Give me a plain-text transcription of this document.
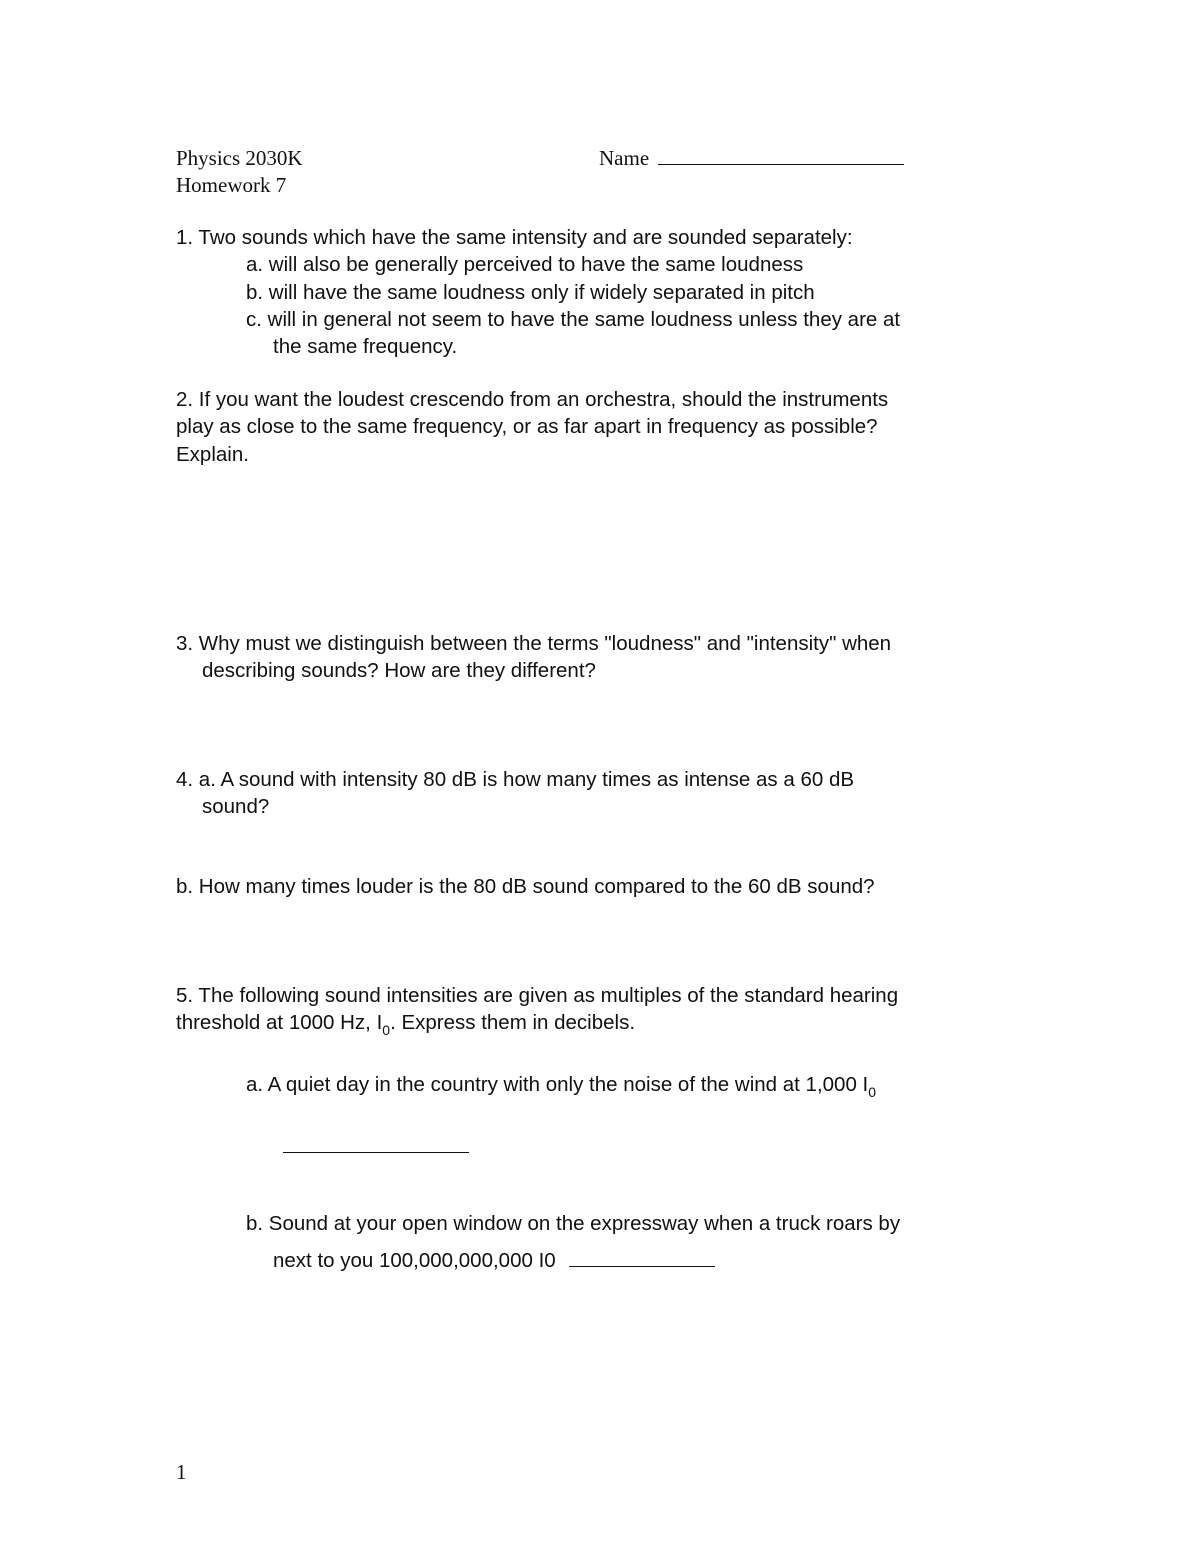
Physics 2030K
Homework 7
Name
1. Two sounds which have the same intensity and are sounded separately:
a. will also be generally perceived to have the same loudness
b. will have the same loudness only if widely separated in pitch
c. will in general not seem to have the same loudness unless they are at
the same frequency.
2. If you want the loudest crescendo from an orchestra, should the instruments
play as close to the same frequency, or as far apart in frequency as possible?
Explain.
3. Why must we distinguish between the terms "loudness" and "intensity" when
describing sounds? How are they different?
4. a. A sound with intensity 80 dB is how many times as intense as a 60 dB
sound?
b. How many times louder is the 80 dB sound compared to the 60 dB sound?
5. The following sound intensities are given as multiples of the standard hearing
threshold at 1000 Hz, $I_0$. Express them in decibels.
a. A quiet day in the country with only the noise of the wind at 1,000 $I_0$
b. Sound at your open window on the expressway when a truck roars by
next to you 100,000,000,000 I0
1
